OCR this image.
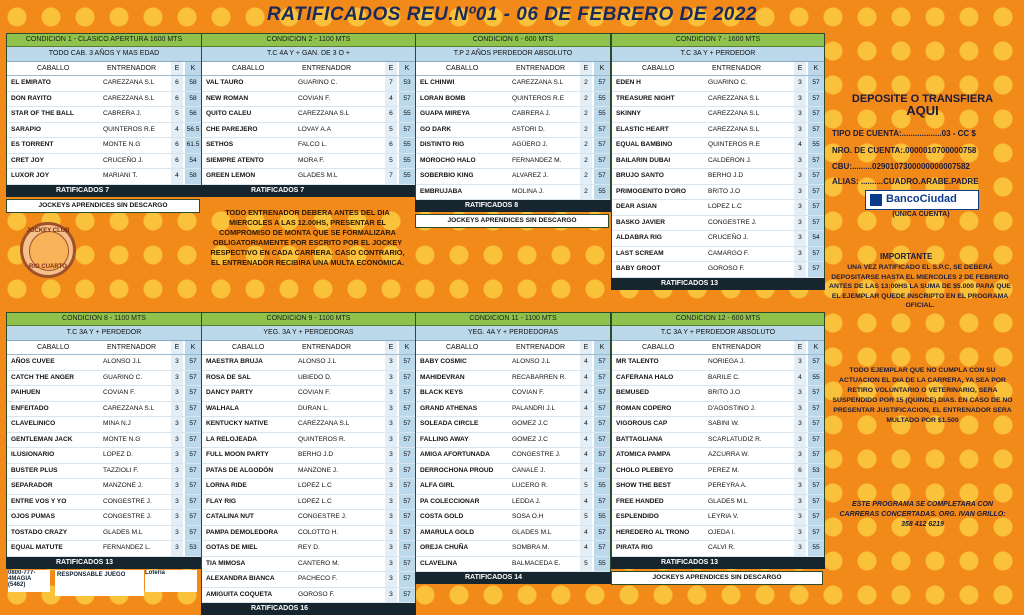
RATIFICADOS REU.Nº01 - 06 DE FEBRERO DE 2022
CONDICION 1 - CLASICO APERTURA 1600 MTS
TODO CAB. 3 AÑOS Y MAS EDAD
CABALLO	ENTRENADOR	E	K
EL EMIRATO	CAREZZANA S.L	6	58
DON RAYITO	CAREZZANA S.L	6	58
STAR OF THE BALL	CABRERA J.	5	56
SARAPIO	QUINTEROS R.E	4	56.5
ES TORRENT	MONTE N.G	6	61.5
CRET JOY	CRUCEÑO J.	6	54
LUXOR JOY	MARIANI T.	4	58
RATIFICADOS 7
JOCKEYS APRENDICES SIN DESCARGO
CONDICION 2 - 1100 MTS
T.C 4A Y + GAN. DE 3 O +
CABALLO	ENTRENADOR	E	K
VAL TAURO	GUARINO C.	7	53
NEW ROMAN	COVIAN F.	4	57
QUITO CALEU	CAREZZANA S.L	6	55
CHE PAREJERO	LOVAY A.A	5	57
SETHOS	FALCO L.	6	55
SIEMPRE ATENTO	MORA F.	5	55
GREEN LEMON	GLADES M.L	7	55
RATIFICADOS 7
CONDICION 6 - 600 MTS
T.P 2 AÑOS PERDEDOR ABSOLUTO
CABALLO	ENTRENADOR	E	K
EL CHINWI	CAREZZANA S.L	2	57
LORAN BOMB	QUINTEROS R.E	2	55
GUAPA MIREYA	CABRERA J.	2	55
GO DARK	ASTORI D.	2	57
DISTINTO RIG	AGÜERO J.	2	57
MOROCHO HALO	FERNANDEZ M.	2	57
SOBERBIO KING	ALVAREZ J.	2	57
EMBRUJABA	MOLINA J.	2	55
RATIFICADOS 8
JOCKEYS APRENDICES SIN DESCARGO
CONDICION 7 - 1600 MTS
T.C 3A Y + PERDEDOR
CABALLO	ENTRENADOR	E	K
EDEN H	GUARINO C.	3	57
TREASURE NIGHT	CAREZZANA S.L	3	57
SKINNY	CAREZZANA S.L	3	57
ELASTIC HEART	CAREZZANA S.L	3	57
EQUAL BAMBINO	QUINTEROS R.E	4	55
BAILARIN DUBAI	CALDERON J.	3	57
BRUJO SANTO	BERHO J.D	3	57
PRIMOGENITO D'ORO	BRITO J.O	3	57
DEAR ASIAN	LOPEZ L.C	3	57
BASKO JAVIER	CONGESTRE J.	3	57
ALDABRA RIG	CRUCEÑO J.	3	54
LAST SCREAM	CAMARGO F.	3	57
BABY GROOT	GOROSO F.	3	57
RATIFICADOS 13
CONDICION 8 - 1100 MTS
T.C 3A Y + PERDEDOR
CABALLO	ENTRENADOR	E	K
AÑOS CUVEE	ALONSO J.L	3	57
CATCH THE ANGER	GUARINO C.	3	57
PAIHUEN	COVIAN F.	3	57
ENFEITADO	CAREZZANA S.L	3	57
CLAVELINICO	MINA N.J	3	57
GENTLEMAN JACK	MONTE N.G	3	57
ILUSIONARIO	LOPEZ D.	3	57
BUSTER PLUS	TAZZIOLI F.	3	57
SEPARADOR	MANZONE J.	3	57
ENTRE VOS Y YO	CONGESTRE J.	3	57
OJOS PUMAS	CONGESTRE J.	3	57
TOSTADO CRAZY	GLADES M.L	3	57
EQUAL MATUTE	FERNANDEZ L.	3	53
RATIFICADOS 13
CONDICION 9 - 1100 MTS
YEG. 3A Y + PERDEDORAS
CABALLO	ENTRENADOR	E	K
MAESTRA BRUJA	ALONSO J.L	3	57
ROSA DE SAL	UBIEDO D.	3	57
DANCY PARTY	COVIAN F.	3	57
WALHALA	DURAN L.	3	57
KENTUCKY NATIVE	CAREZZANA S.L	3	57
LA RELOJEADA	QUINTEROS R.	3	57
FULL MOON PARTY	BERHO J.D	3	57
PATAS DE ALGODÓN	MANZONE J.	3	57
LORNA RIDE	LOPEZ L.C	3	57
FLAY RIG	LOPEZ L.C	3	57
CATALINA NUT	CONGESTRE J.	3	57
PAMPA DEMOLEDORA	COLOTTO H.	3	57
GOTAS DE MIEL	REY D.	3	57
TIA MIMOSA	CANTERO M.	3	57
ALEXANDRA BIANCA	PACHECO F.	3	57
AMIGUITA COQUETA	GOROSO F.	3	57
RATIFICADOS 16
CONDICION 11 - 1100 MTS
YEG. 4A Y + PERDEDORAS
CABALLO	ENTRENADOR	E	K
BABY COSMIC	ALONSO J.L	4	57
MAHIDEVRAN	RECABARREN R.	4	57
BLACK KEYS	COVIAN F.	4	57
GRAND ATHENAS	PALANDRI J.L	4	57
SOLEADA CIRCLE	GOMEZ J.C	4	57
FALLING AWAY	GOMEZ J.C	4	57
AMIGA AFORTUNADA	CONGESTRE J.	4	57
DERROCHONA PROUD	CANALE J.	4	57
ALFA GIRL	LUCERO R.	5	55
PA COLECCIONAR	LEDDA J.	4	57
COSTA GOLD	SOSA O.H	5	55
AMARULA GOLD	GLADES M.L	4	57
OREJA CHUÑA	SOMBRA M.	4	57
CLAVELINA	BALMACEDA E.	5	55
RATIFICADOS 14
CONDICION 12 - 600 MTS
T.C 3A Y + PERDEDOR ABSOLUTO
CABALLO	ENTRENADOR	E	K
MR TALENTO	NORIEGA J.	3	57
CAFERANA HALO	BARILE C.	4	55
BEMUSED	BRITO J.O	3	57
ROMAN COPERO	D'AGOSTINO J.	3	57
VIGOROUS CAP	SABINI W.	3	57
BATTAGLIANA	SCARLATUDIZ R.	3	57
ATOMICA PAMPA	AZCURRA W.	3	57
CHOLO PLEBEYO	PEREZ M.	6	53
SHOW THE BEST	PEREYRA A.	3	57
FREE HANDED	GLADES M.L	3	57
ESPLENDIDO	LEYRIA V.	3	57
HEREDERO AL TRONO	OJEDA I.	3	57
PIRATA RIG	CALVI R.	3	55
RATIFICADOS 13
JOCKEYS APRENDICES SIN DESCARGO
TODO ENTRENADOR DEBERA ANTES DEL DIA MIERCOLES A LAS 12.00HS, PRESENTAR EL COMPROMISO DE MONTA QUE SE FORMALIZARA OBLIGATORIAMENTE POR ESCRITO POR EL JOCKEY RESPECTIVO EN CADA CARRERA. CASO CONTRARIO, EL ENTRENADOR RECIBIRA UNA MULTA ECONOMICA.
JOCKEY CLUB
RIO CUARTO
DEPOSITE O TRANSFIERA
AQUI
TIPO DE CUENTA:..................03 - CC $
NRO. DE CUENTA:.0000010700000758
CBU:.........0290107300000000007582
ALIAS: ..........CUADRO.ARABE.PADRE
BancoCiudad
(UNICA CUENTA)
IMPORTANTE
UNA VEZ RATIFICADO EL S.P.C, SE DEBERÁ DEPOSITARSE HASTA EL MIERCOLES 2 DE FEBRERO ANTES DE LAS 13:00HS LA SUMA DE $5.000 PARA QUE EL EJEMPLAR QUEDE INSCRIPTO EN EL PROGRAMA OFICIAL.
TODO EJEMPLAR QUE NO CUMPLA CON SU ACTUACION EL DIA DE LA CARRERA, YA SEA POR RETIRO VOLUNTARIO O VETERINARIO, SERA SUSPENDIDO POR 15 (QUINCE) DIAS. EN CASO DE NO PRESENTAR JUSTIFICACION, EL ENTRENADOR SERA MULTADO POR $1.500
ESTE PROGRAMA SE COMPLETARA CON CARRERAS CONCERTADAS. ORG. IVAN GRILLO: 358 412 6219
0800-777-4MAGIA (5462)
RESPONSABLE JUEGO	Lotería
